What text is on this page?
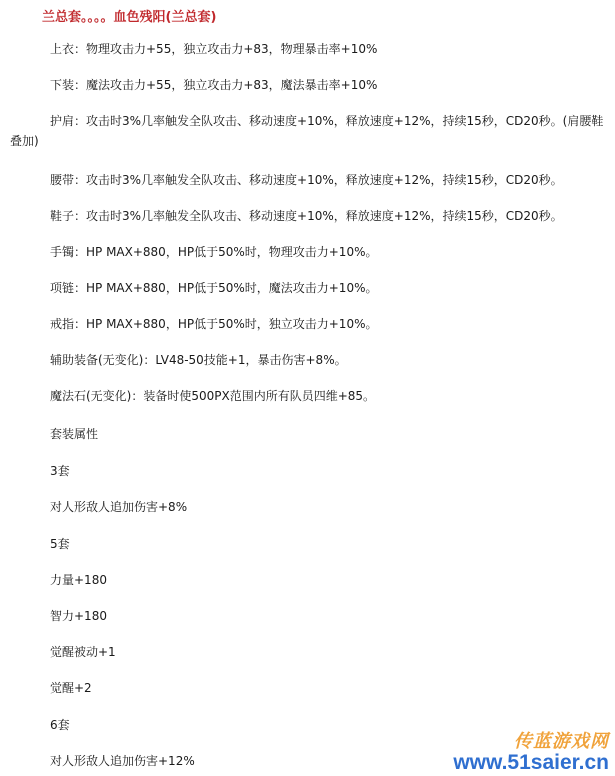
兰总套。。。。血色残阳(兰总套)
上衣：物理攻击力+55，独立攻击力+83，物理暴击率+10%
下装：魔法攻击力+55，独立攻击力+83，魔法暴击率+10%
护肩：攻击时3%几率触发全队攻击、移动速度+10%，释放速度+12%，持续15秒，CD20秒。(肩腰鞋
叠加)
腰带：攻击时3%几率触发全队攻击、移动速度+10%，释放速度+12%，持续15秒，CD20秒。
鞋子：攻击时3%几率触发全队攻击、移动速度+10%，释放速度+12%，持续15秒，CD20秒。
手镯：HP MAX+880，HP低于50%时，物理攻击力+10%。
项链：HP MAX+880，HP低于50%时，魔法攻击力+10%。
戒指：HP MAX+880，HP低于50%时，独立攻击力+10%。
辅助装备(无变化)：LV48-50技能+1，暴击伤害+8%。
魔法石(无变化)：装备时使500PX范围内所有队员四维+85。
套装属性
3套
对人形敌人追加伤害+8%
5套
力量+180
智力+180
觉醒被动+1
觉醒+2
6套
对人形敌人追加伤害+12%
传蓝游戏网
www.51saier.cn
